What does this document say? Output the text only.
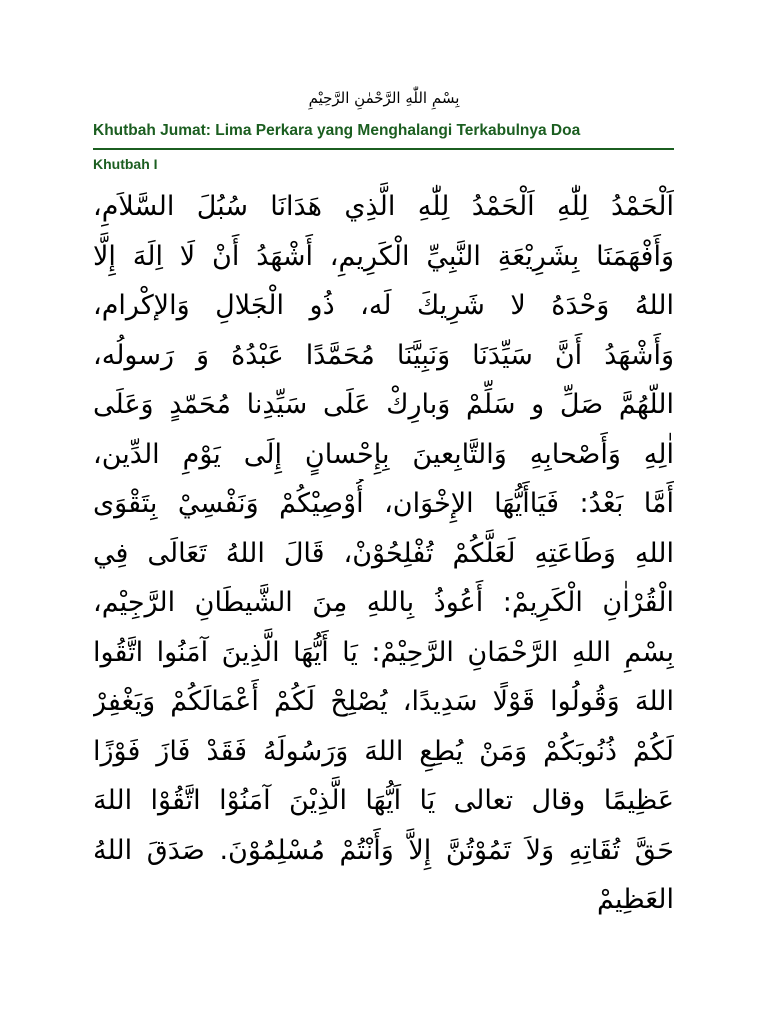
بِسْمِ اللّٰهِ الرَّحْمٰنِ الرَّحِيْمِ
Khutbah Jumat: Lima Perkara yang Menghalangi Terkabulnya Doa
Khutbah I
اَلْحَمْدُ لِلّٰهِ اَلْحَمْدُ لِلّٰهِ الَّذِي هَدَانَا سُبُلَ السَّلاَمِ،
وَأَفْهَمَنَا بِشَرِيْعَةِ النَّبِيِّ الْكَرِيمِ، أَشْهَدُ أَنْ لَا اِلَهَ إِلَّا
اللهُ وَحْدَهُ لا شَرِيكَ لَه، ذُو الْجَلالِ وَالإكْرام،
وَأَشْهَدُ أَنَّ سَيِّدَنَا وَنَبِيَّنَا مُحَمَّدًا عَبْدُهُ وَ رَسولُه،
اللّهُمَّ صَلِّ و سَلِّمْ وَبارِكْ عَلَى سَيِّدِنا مُحَمّدٍ وَعَلَى
اٰلِهِ وَأَصْحابِهِ وَالتَّابِعينَ بِإِحْسانٍ إِلَى يَوْمِ الدِّين،
أَمَّا بَعْدُ: فَيَاأَيُّهَا الإِخْوَان، أُوْصِيْكُمْ وَنَفْسِيْ بِتَقْوَى
اللهِ وَطَاعَتِهِ لَعَلَّكُمْ تُفْلِحُوْنْ، قَالَ اللهُ تَعَالَى فِي
الْقُرْاٰنِ الْكَرِيمْ: أَعُوذُ بِاللهِ مِنَ الشَّيطَانِ الرَّجِيْم،
بِسْمِ اللهِ الرَّحْمَانِ الرَّحِيْمْ: يَا أَيُّهَا الَّذِينَ آمَنُوا اتَّقُوا
اللهَ وَقُولُوا قَوْلًا سَدِيدًا، يُصْلِحْ لَكُمْ أَعْمَالَكُمْ وَيَغْفِرْ
لَكُمْ ذُنُوبَكُمْ وَمَنْ يُطِعِ اللهَ وَرَسُولَهُ فَقَدْ فَازَ فَوْزًا
عَظِيمًا وقال تعالى يَا اَيُّهَا الَّذِيْنَ آمَنُوْا اتَّقُوْا اللهَ
حَقَّ تُقَاتِهِ وَلاَ تَمُوْتُنَّ إِلاَّ وَأَنْتُمْ مُسْلِمُوْنَ. صَدَقَ اللهُ
العَظِيمْ
